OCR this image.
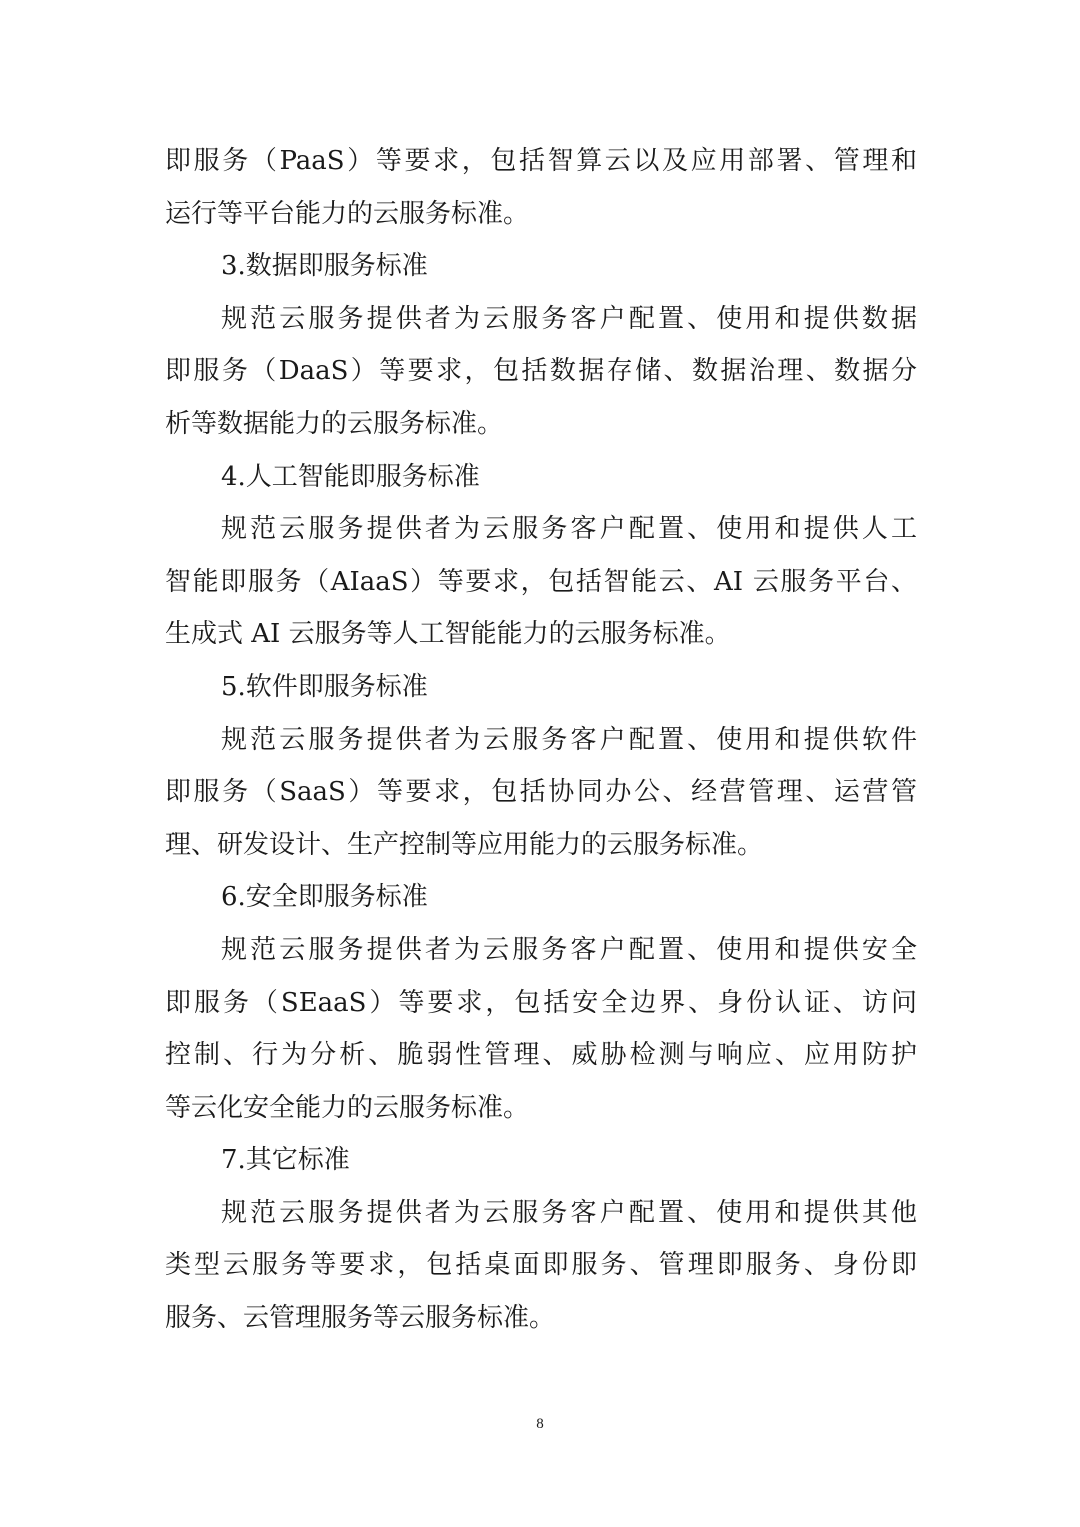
即服务（PaaS）等要求，包括智算云以及应用部署、管理和
运行等平台能力的云服务标准。
3.数据即服务标准
规范云服务提供者为云服务客户配置、使用和提供数据
即服务（DaaS）等要求，包括数据存储、数据治理、数据分
析等数据能力的云服务标准。
4.人工智能即服务标准
规范云服务提供者为云服务客户配置、使用和提供人工
智能即服务（AIaaS）等要求，包括智能云、AI 云服务平台、
生成式 AI 云服务等人工智能能力的云服务标准。
5.软件即服务标准
规范云服务提供者为云服务客户配置、使用和提供软件
即服务（SaaS）等要求，包括协同办公、经营管理、运营管
理、研发设计、生产控制等应用能力的云服务标准。
6.安全即服务标准
规范云服务提供者为云服务客户配置、使用和提供安全
即服务（SEaaS）等要求，包括安全边界、身份认证、访问
控制、行为分析、脆弱性管理、威胁检测与响应、应用防护
等云化安全能力的云服务标准。
7.其它标准
规范云服务提供者为云服务客户配置、使用和提供其他
类型云服务等要求，包括桌面即服务、管理即服务、身份即
服务、云管理服务等云服务标准。
8
